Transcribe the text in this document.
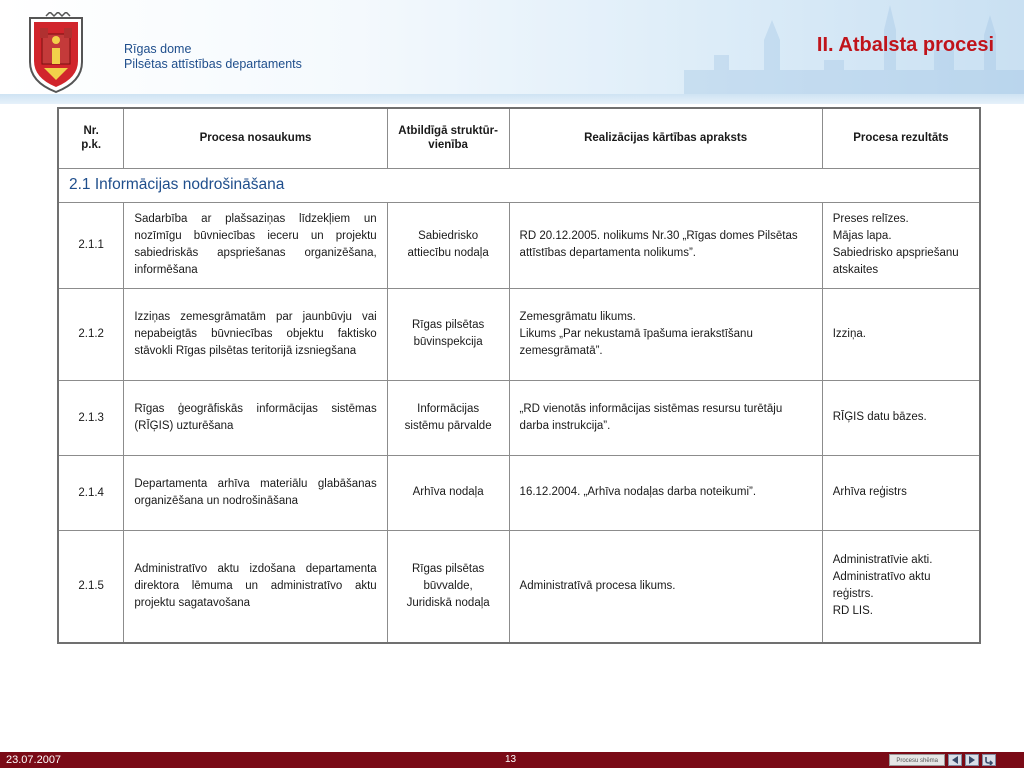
Rīgas dome
Pilsētas attīstības departaments
II. Atbalsta procesi
Nr.
p.k.	Procesa nosaukums	Atbildīgā struktūr-
vienība	Realizācijas kārtības apraksts	Procesa rezultāts
2.1 Informācijas nodrošināšana				
2.1.1	Sadarbība ar plašsaziņas līdzekļiem un nozīmīgu būvniecības ieceru un projektu sabiedriskās apspriešanas organizēšana, informēšana	Sabiedrisko
attiecību nodaļa	RD 20.12.2005. nolikums Nr.30 „Rīgas domes Pilsētas attīstības departamenta nolikums”.	Preses relīzes.
Mājas lapa.
Sabiedrisko apspriešanu atskaites

2.1.2	Izziņas zemesgrāmatām par jaunbūvju vai nepabeigtās būvniecības objektu faktisko stāvokli Rīgas pilsētas teritorijā izsniegšana	Rīgas pilsētas
būvinspekcija	Zemesgrāmatu likums.
Likums „Par nekustamā īpašuma ierakstīšanu zemesgrāmatā”.	Izziņa.

2.1.3	Rīgas ģeogrāfiskās informācijas sistēmas (RĪĢIS) uzturēšana	Informācijas
sistēmu pārvalde	„RD vienotās informācijas sistēmas resursu turētāju darba instrukcija”.	RĪĢIS datu bāzes.

2.1.4	Departamenta arhīva materiālu glabāšanas organizēšana un nodrošināšana	Arhīva nodaļa	16.12.2004. „Arhīva nodaļas darba noteikumi”.	Arhīva reģistrs

2.1.5	Administratīvo aktu izdošana departamenta direktora lēmuma un administratīvo aktu projektu sagatavošana	Rīgas pilsētas
būvvalde,
Juridiskā nodaļa	Administratīvā procesa likums.	Administratīvie akti.
Administratīvo aktu reģistrs.
RD LIS.
23.07.2007	13	Procesu shēma
